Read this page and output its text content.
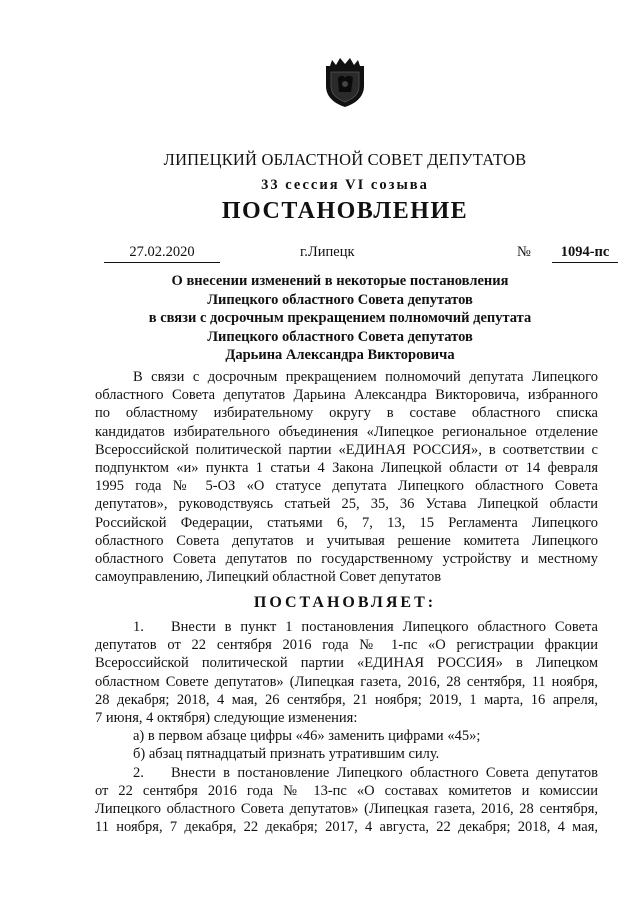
ЛИПЕЦКИЙ ОБЛАСТНОЙ СОВЕТ ДЕПУТАТОВ
33 сессия VI созыва
ПОСТАНОВЛЕНИЕ
27.02.2020	г.Липецк	№	1094-пс
О внесении изменений в некоторые постановления
Липецкого областного Совета депутатов
в связи с досрочным прекращением полномочий депутата
Липецкого областного Совета депутатов
Дарьина Александра Викторовича
В связи с досрочным прекращением полномочий депутата Липецкого
областного Совета депутатов Дарьина Александра Викторовича, избранного
по областному избирательному округу в составе областного списка
кандидатов избирательного объединения «Липецкое региональное отделение
Всероссийской политической партии «ЕДИНАЯ РОССИЯ», в соответствии с
подпунктом «и» пункта 1 статьи 4 Закона Липецкой области от 14 февраля
1995 года № 5-ОЗ «О статусе депутата Липецкого областного Совета
депутатов», руководствуясь статьей 25, 35, 36 Устава Липецкой области
Российской Федерации, статьями 6, 7, 13, 15 Регламента Липецкого
областного Совета депутатов и учитывая решение комитета Липецкого
областного Совета депутатов по государственному устройству и местному
самоуправлению, Липецкий областной Совет депутатов
ПОСТАНОВЛЯЕТ:
1. Внести в пункт 1 постановления Липецкого областного Совета
депутатов от 22 сентября 2016 года № 1-пс «О регистрации фракции
Всероссийской политической партии «ЕДИНАЯ РОССИЯ» в Липецком
областном Совете депутатов» (Липецкая газета, 2016, 28 сентября, 11 ноября,
28 декабря; 2018, 4 мая, 26 сентября, 21 ноября; 2019, 1 марта, 16 апреля,
7 июня, 4 октября) следующие изменения:
а) в первом абзаце цифры «46» заменить цифрами «45»;
б) абзац пятнадцатый признать утратившим силу.
2. Внести в постановление Липецкого областного Совета депутатов
от 22 сентября 2016 года № 13-пс «О составах комитетов и комиссии
Липецкого областного Совета депутатов» (Липецкая газета, 2016, 28 сентября,
11 ноября, 7 декабря, 22 декабря; 2017, 4 августа, 22 декабря; 2018, 4 мая,
